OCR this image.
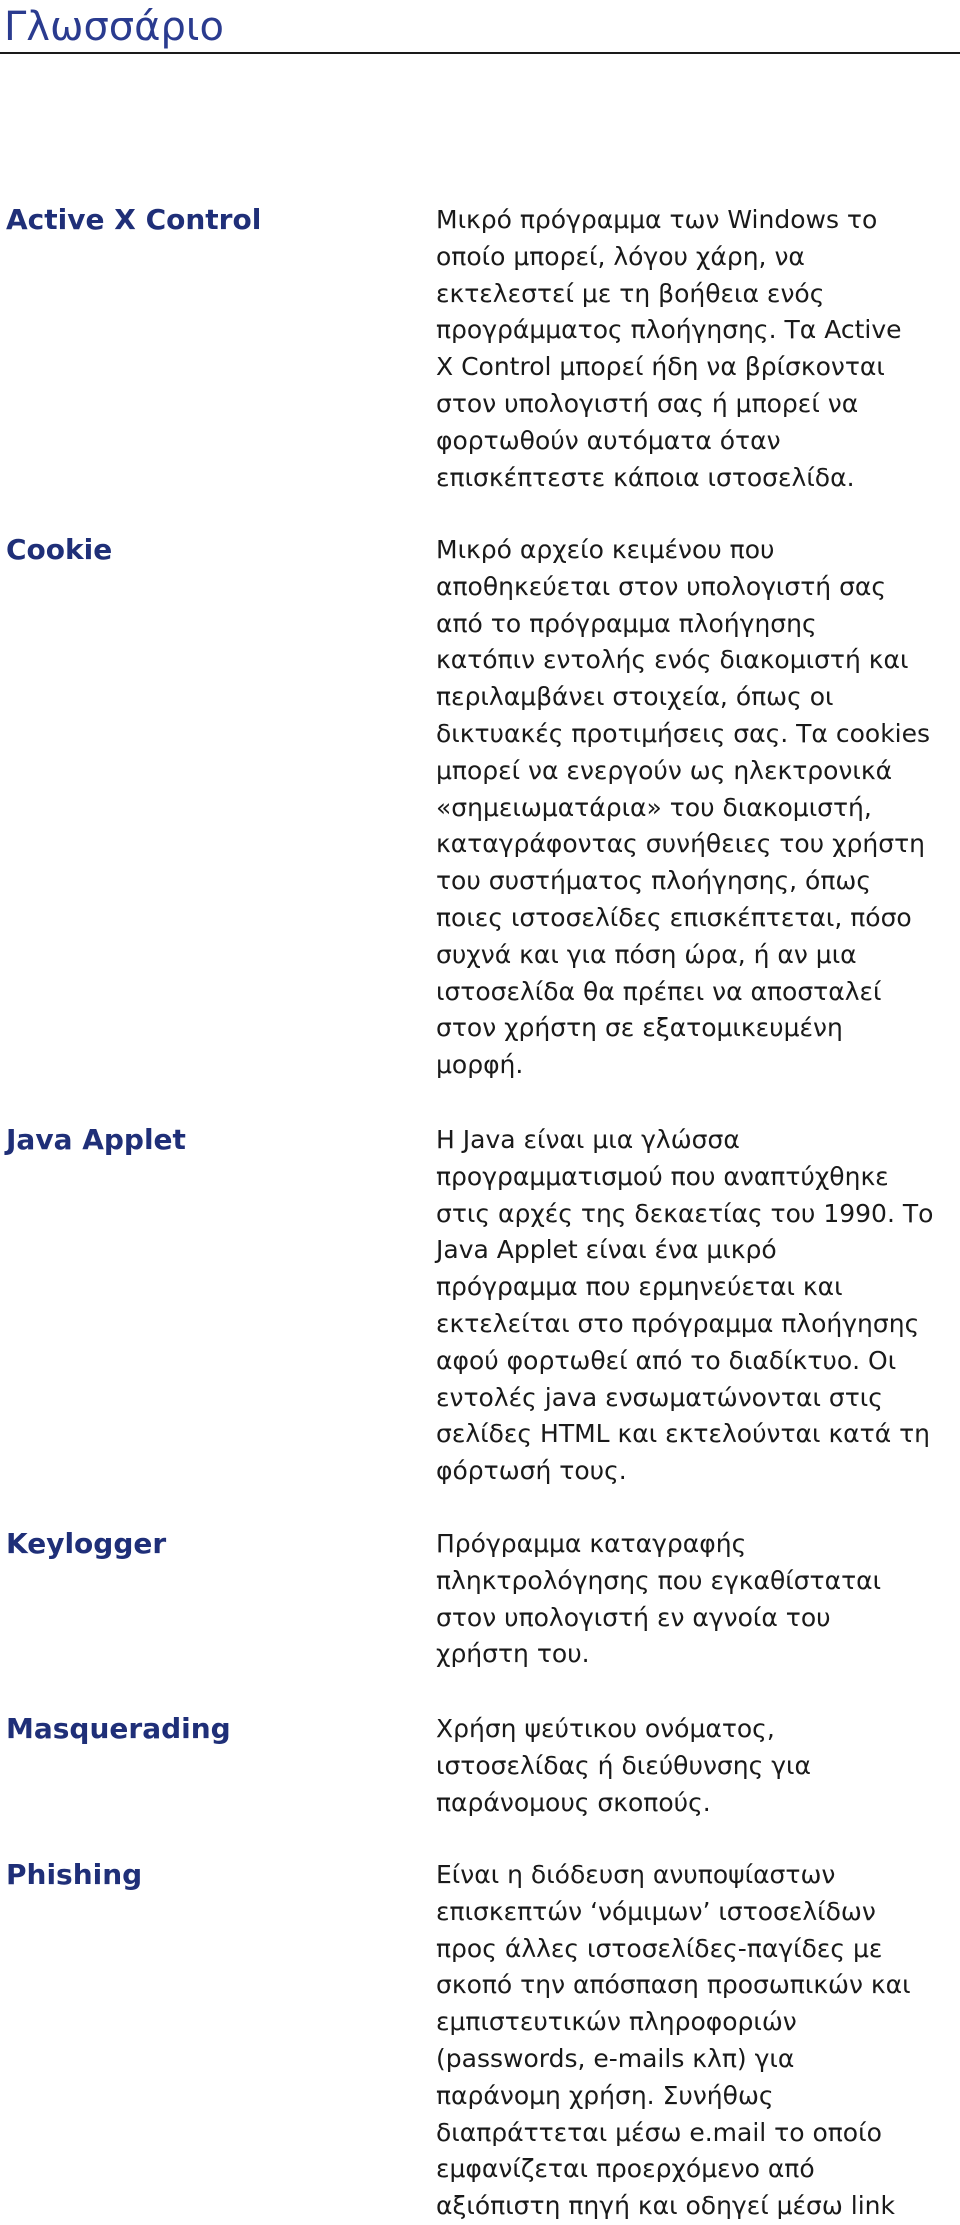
Γλωσσάριο
Active X Control	Μικρό πρόγραμμα των Windows το
οποίο μπορεί, λόγου χάρη, να
εκτελεστεί με τη βοήθεια ενός
προγράμματος πλοήγησης. Τα Active
X Control μπορεί ήδη να βρίσκονται
στον υπολογιστή σας ή μπορεί να
φορτωθούν αυτόματα όταν
επισκέπτεστε κάποια ιστοσελίδα.
Cookie	Μικρό αρχείο κειμένου που
αποθηκεύεται στον υπολογιστή σας
από το πρόγραμμα πλοήγησης
κατόπιν εντολής ενός διακομιστή και
περιλαμβάνει στοιχεία, όπως οι
δικτυακές προτιμήσεις σας. Τα cookies
μπορεί να ενεργούν ως ηλεκτρονικά
«σημειωματάρια» του διακομιστή,
καταγράφοντας συνήθειες του χρήστη
του συστήματος πλοήγησης, όπως
ποιες ιστοσελίδες επισκέπτεται, πόσο
συχνά και για πόση ώρα, ή αν μια
ιστοσελίδα θα πρέπει να αποσταλεί
στον χρήστη σε εξατομικευμένη
μορφή.
Java Applet	Η Java είναι μια γλώσσα
προγραμματισμού που αναπτύχθηκε
στις αρχές της δεκαετίας του 1990. Το
Java Applet είναι ένα μικρό
πρόγραμμα που ερμηνεύεται και
εκτελείται στο πρόγραμμα πλοήγησης
αφού φορτωθεί από το διαδίκτυο. Οι
εντολές java ενσωματώνονται στις
σελίδες HTML και εκτελούνται κατά τη
φόρτωσή τους.
Keylogger	Πρόγραμμα καταγραφής
πληκτρολόγησης που εγκαθίσταται
στον υπολογιστή εν αγνοία του
χρήστη του.
Masquerading	Χρήση ψεύτικου ονόματος,
ιστοσελίδας ή διεύθυνσης για
παράνομους σκοπούς.
Phishing	Είναι η διόδευση ανυποψίαστων
επισκεπτών ‘νόμιμων’ ιστοσελίδων
προς άλλες ιστοσελίδες-παγίδες με
σκοπό την απόσπαση προσωπικών και
εμπιστευτικών πληροφοριών
(passwords, e-mails κλπ) για
παράνομη χρήση. Συνήθως
διαπράττεται μέσω e.mail το οποίο
εμφανίζεται προερχόμενο από
αξιόπιστη πηγή και οδηγεί μέσω link
